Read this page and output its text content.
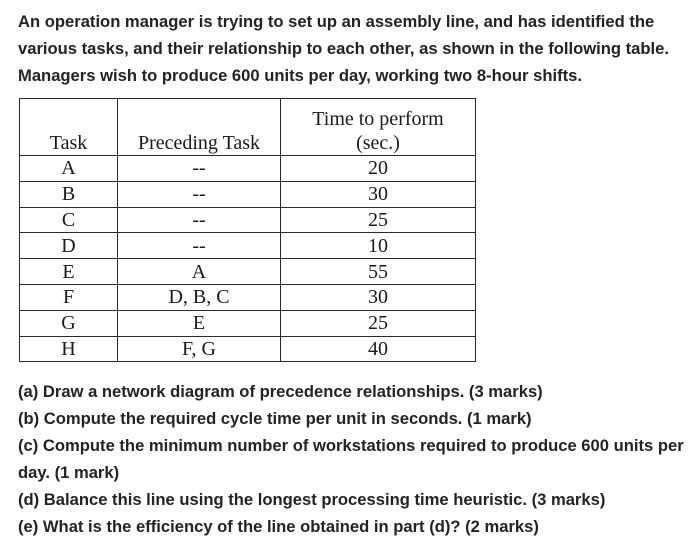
An operation manager is trying to set up an assembly line, and has identified the
various tasks, and their relationship to each other, as shown in the following table.
Managers wish to produce 600 units per day, working two 8-hour shifts.
Task	Preceding Task	Time to perform
(sec.)
A	--	20
B	--	30
C	--	25
D	--	10
E	A	55
F	D, B, C	30
G	E	25
H	F, G	40
(a) Draw a network diagram of precedence relationships. (3 marks)
(b) Compute the required cycle time per unit in seconds. (1 mark)
(c) Compute the minimum number of workstations required to produce 600 units per
day. (1 mark)
(d) Balance this line using the longest processing time heuristic. (3 marks)
(e) What is the efficiency of the line obtained in part (d)? (2 marks)
